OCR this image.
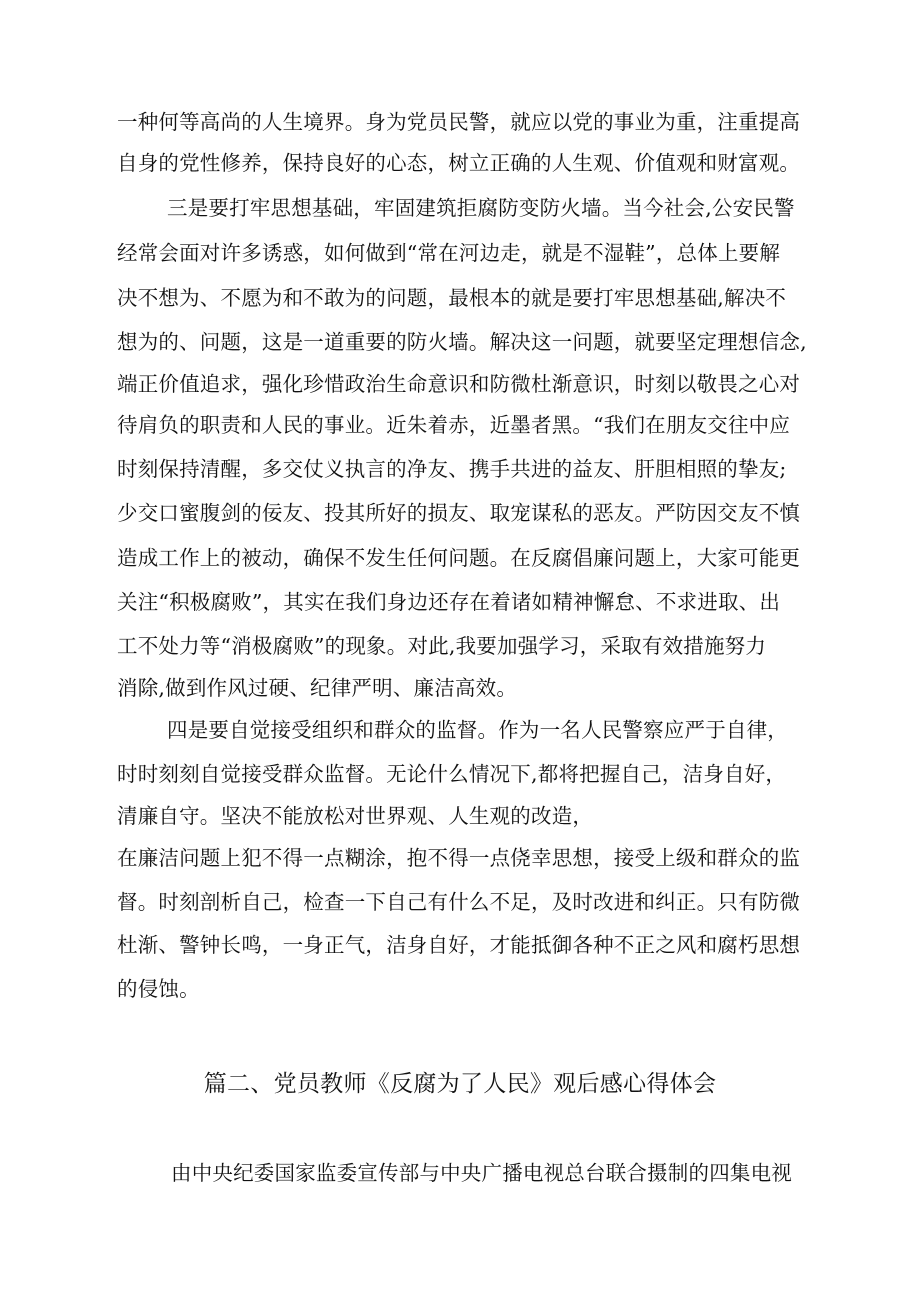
一种何等高尚的人生境界。身为党员民警，就应以党的事业为重，注重提高
自身的党性修养，保持良好的心态，树立正确的人生观、价值观和财富观。
三是要打牢思想基础，牢固建筑拒腐防变防火墙。当今社会,公安民警
经常会面对许多诱惑，如何做到“常在河边走，就是不湿鞋”，总体上要解
决不想为、不愿为和不敢为的问题，最根本的就是要打牢思想基础,解决不
想为的、问题，这是一道重要的防火墙。解决这一问题，就要坚定理想信念,
端正价值追求，强化珍惜政治生命意识和防微杜渐意识，时刻以敬畏之心对
待肩负的职责和人民的事业。近朱着赤，近墨者黑。“我们在朋友交往中应
时刻保持清醒，多交仗义执言的净友、携手共进的益友、肝胆相照的挚友;
少交口蜜腹剑的佞友、投其所好的损友、取宠谋私的恶友。严防因交友不慎
造成工作上的被动，确保不发生任何问题。在反腐倡廉问题上，大家可能更
关注“积极腐败”，其实在我们身边还存在着诸如精神懈怠、不求进取、出
工不处力等“消极腐败”的现象。对此,我要加强学习，采取有效措施努力
消除,做到作风过硬、纪律严明、廉洁高效。
四是要自觉接受组织和群众的监督。作为一名人民警察应严于自律，
时时刻刻自觉接受群众监督。无论什么情况下,都将把握自己，洁身自好，
清廉自守。坚决不能放松对世界观、人生观的改造，
在廉洁问题上犯不得一点糊涂，抱不得一点侥幸思想，接受上级和群众的监
督。时刻剖析自己，检查一下自己有什么不足，及时改进和纠正。只有防微
杜渐、警钟长鸣，一身正气，洁身自好，才能抵御各种不正之风和腐朽思想
的侵蚀。
篇二、党员教师《反腐为了人民》观后感心得体会
由中央纪委国家监委宣传部与中央广播电视总台联合摄制的四集电视
